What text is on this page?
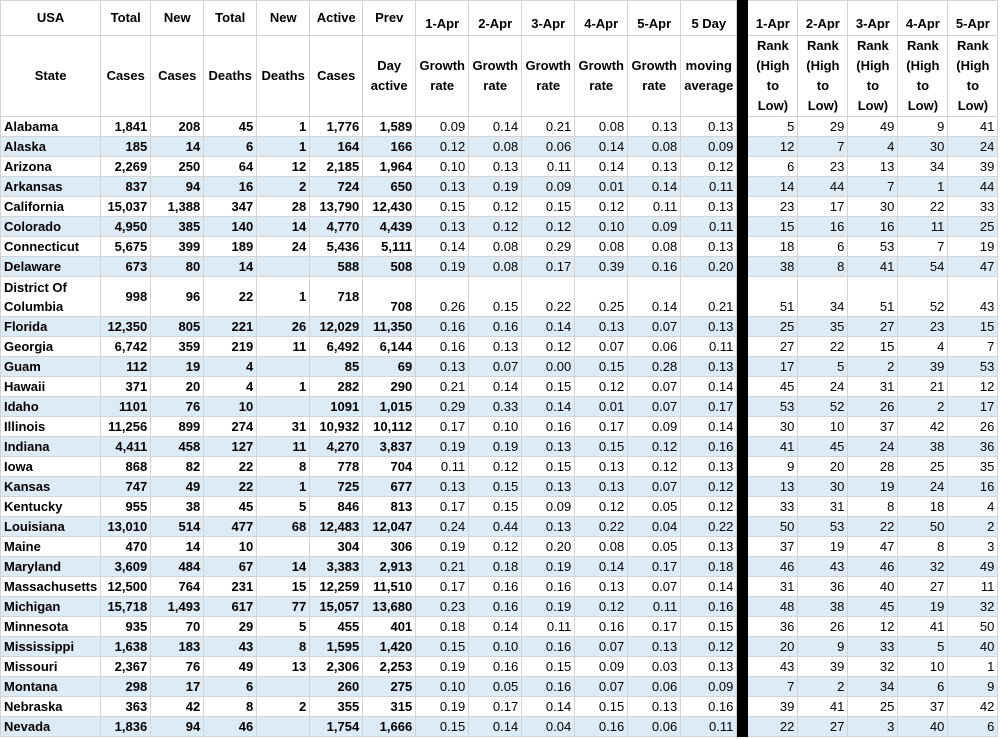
USA	Total	New	Total	New	Active	Prev	1-Apr	2-Apr	3-Apr	4-Apr	5-Apr	5 Day		1-Apr	2-Apr	3-Apr	4-Apr	5-Apr
State	Cases	Cases	Deaths	Deaths	Cases	Day active	Growth rate	Growth rate	Growth rate	Growth rate	Growth rate	moving average		Rank (High to Low)	Rank (High to Low)	Rank (High to Low)	Rank (High to Low)	Rank (High to Low)
Alabama	1,841	208	45	1	1,776	1,589	0.09	0.14	0.21	0.08	0.13	0.13		5	29	49	9	41
Alaska	185	14	6	1	164	166	0.12	0.08	0.06	0.14	0.08	0.09		12	7	4	30	24
Arizona	2,269	250	64	12	2,185	1,964	0.10	0.13	0.11	0.14	0.13	0.12		6	23	13	34	39
Arkansas	837	94	16	2	724	650	0.13	0.19	0.09	0.01	0.14	0.11		14	44	7	1	44
California	15,037	1,388	347	28	13,790	12,430	0.15	0.12	0.15	0.12	0.11	0.13		23	17	30	22	33
Colorado	4,950	385	140	14	4,770	4,439	0.13	0.12	0.12	0.10	0.09	0.11		15	16	16	11	25
Connecticut	5,675	399	189	24	5,436	5,111	0.14	0.08	0.29	0.08	0.08	0.13		18	6	53	7	19
Delaware	673	80	14		588	508	0.19	0.08	0.17	0.39	0.16	0.20		38	8	41	54	47
District Of Columbia	998	96	22	1	718	708	0.26	0.15	0.22	0.25	0.14	0.21		51	34	51	52	43
Florida	12,350	805	221	26	12,029	11,350	0.16	0.16	0.14	0.13	0.07	0.13		25	35	27	23	15
Georgia	6,742	359	219	11	6,492	6,144	0.16	0.13	0.12	0.07	0.06	0.11		27	22	15	4	7
Guam	112	19	4		85	69	0.13	0.07	0.00	0.15	0.28	0.13		17	5	2	39	53
Hawaii	371	20	4	1	282	290	0.21	0.14	0.15	0.12	0.07	0.14		45	24	31	21	12
Idaho	1101	76	10		1091	1,015	0.29	0.33	0.14	0.01	0.07	0.17		53	52	26	2	17
Illinois	11,256	899	274	31	10,932	10,112	0.17	0.10	0.16	0.17	0.09	0.14		30	10	37	42	26
Indiana	4,411	458	127	11	4,270	3,837	0.19	0.19	0.13	0.15	0.12	0.16		41	45	24	38	36
Iowa	868	82	22	8	778	704	0.11	0.12	0.15	0.13	0.12	0.13		9	20	28	25	35
Kansas	747	49	22	1	725	677	0.13	0.15	0.13	0.13	0.07	0.12		13	30	19	24	16
Kentucky	955	38	45	5	846	813	0.17	0.15	0.09	0.12	0.05	0.12		33	31	8	18	4
Louisiana	13,010	514	477	68	12,483	12,047	0.24	0.44	0.13	0.22	0.04	0.22		50	53	22	50	2
Maine	470	14	10		304	306	0.19	0.12	0.20	0.08	0.05	0.13		37	19	47	8	3
Maryland	3,609	484	67	14	3,383	2,913	0.21	0.18	0.19	0.14	0.17	0.18		46	43	46	32	49
Massachusetts	12,500	764	231	15	12,259	11,510	0.17	0.16	0.16	0.13	0.07	0.14		31	36	40	27	11
Michigan	15,718	1,493	617	77	15,057	13,680	0.23	0.16	0.19	0.12	0.11	0.16		48	38	45	19	32
Minnesota	935	70	29	5	455	401	0.18	0.14	0.11	0.16	0.17	0.15		36	26	12	41	50
Mississippi	1,638	183	43	8	1,595	1,420	0.15	0.10	0.16	0.07	0.13	0.12		20	9	33	5	40
Missouri	2,367	76	49	13	2,306	2,253	0.19	0.16	0.15	0.09	0.03	0.13		43	39	32	10	1
Montana	298	17	6		260	275	0.10	0.05	0.16	0.07	0.06	0.09		7	2	34	6	9
Nebraska	363	42	8	2	355	315	0.19	0.17	0.14	0.15	0.13	0.16		39	41	25	37	42
Nevada	1,836	94	46		1,754	1,666	0.15	0.14	0.04	0.16	0.06	0.11		22	27	3	40	6
